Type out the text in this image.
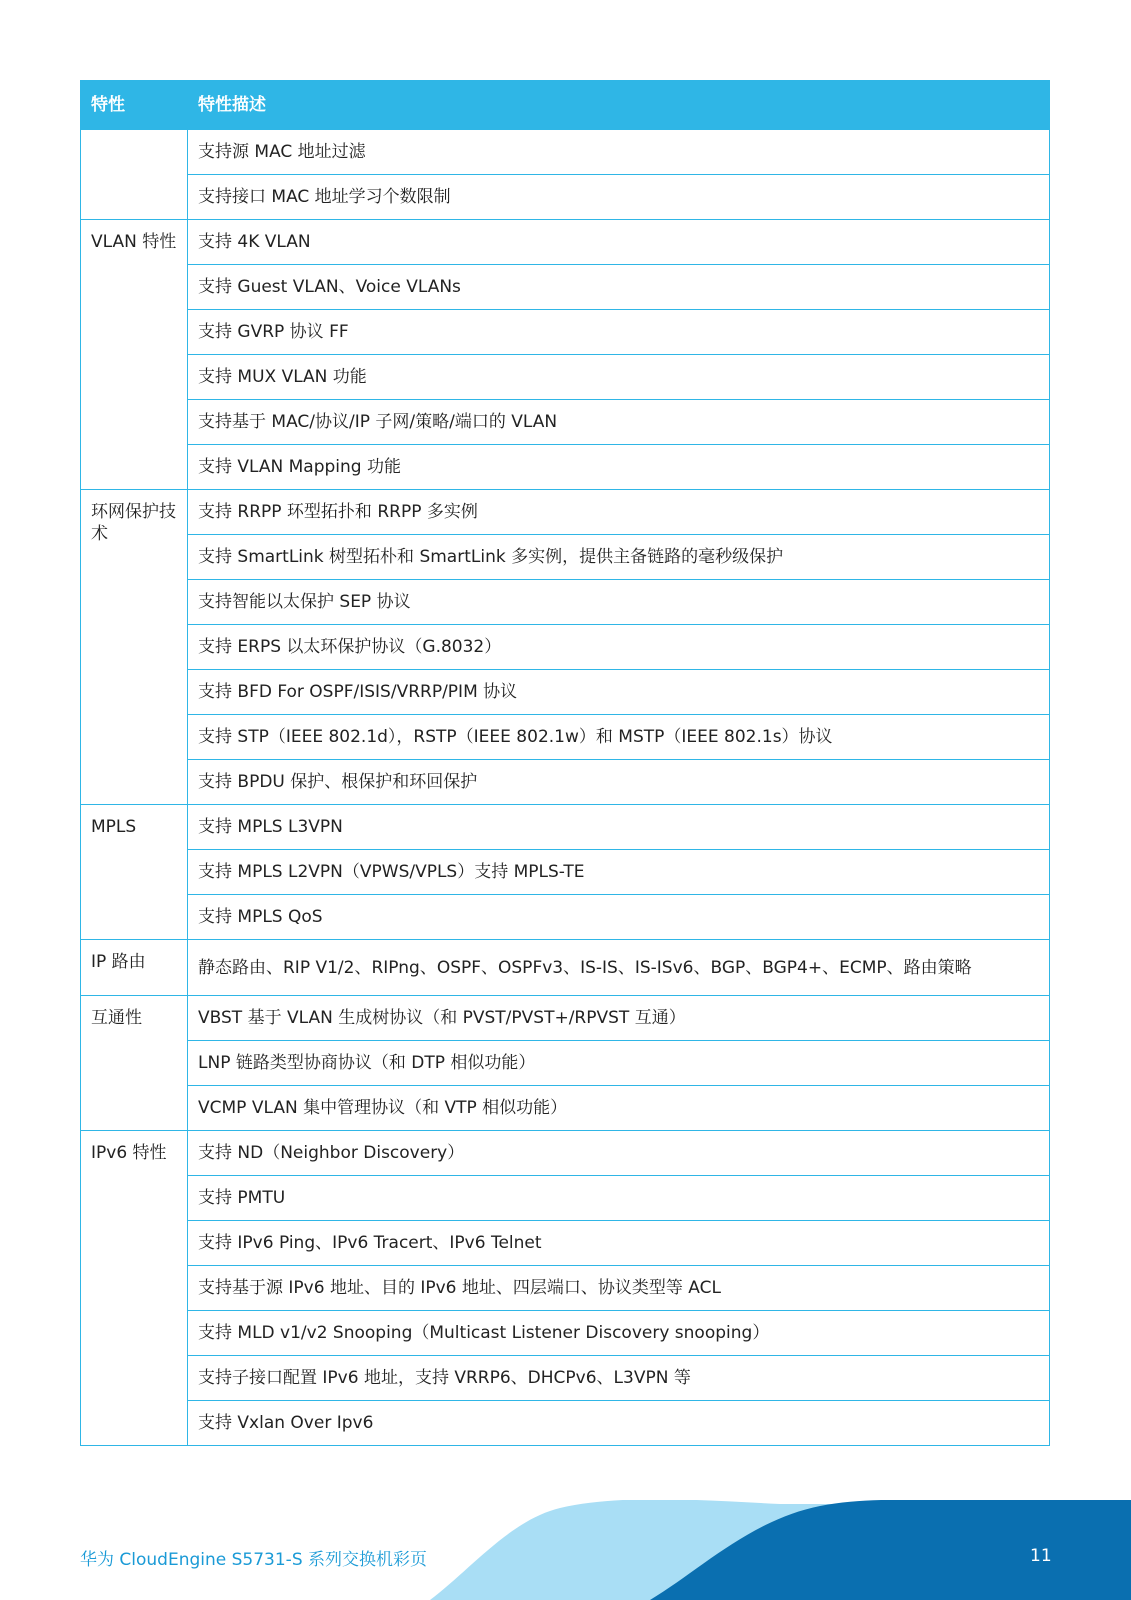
特性	特性描述
	支持源 MAC 地址过滤
	支持接口 MAC 地址学习个数限制
VLAN 特性	支持 4K VLAN
	支持 Guest VLAN、Voice VLANs
	支持 GVRP 协议 FF
	支持 MUX VLAN 功能
	支持基于 MAC/协议/IP 子网/策略/端口的 VLAN
	支持 VLAN Mapping 功能
环网保护技术	支持 RRPP 环型拓扑和 RRPP 多实例
	支持 SmartLink 树型拓朴和 SmartLink 多实例，提供主备链路的毫秒级保护
	支持智能以太保护 SEP 协议
	支持 ERPS 以太环保护协议（G.8032）
	支持 BFD For OSPF/ISIS/VRRP/PIM 协议
	支持 STP（IEEE 802.1d），RSTP（IEEE 802.1w）和 MSTP（IEEE 802.1s）协议
	支持 BPDU 保护、根保护和环回保护
MPLS	支持 MPLS L3VPN
	支持 MPLS L2VPN（VPWS/VPLS）支持 MPLS-TE
	支持 MPLS QoS
IP 路由	静态路由、RIP V1/2、RIPng、OSPF、OSPFv3、IS-IS、IS-ISv6、BGP、BGP4+、ECMP、路由策略
互通性	VBST 基于 VLAN 生成树协议（和 PVST/PVST+/RPVST 互通）
	LNP 链路类型协商协议（和 DTP 相似功能）
	VCMP VLAN 集中管理协议（和 VTP 相似功能）
IPv6 特性	支持 ND（Neighbor Discovery）
	支持 PMTU
	支持 IPv6 Ping、IPv6 Tracert、IPv6 Telnet
	支持基于源 IPv6 地址、目的 IPv6 地址、四层端口、协议类型等 ACL
	支持 MLD v1/v2 Snooping（Multicast Listener Discovery snooping）
	支持子接口配置 IPv6 地址，支持 VRRP6、DHCPv6、L3VPN 等
	支持 Vxlan Over Ipv6
华为 CloudEngine S5731-S 系列交换机彩页	11
